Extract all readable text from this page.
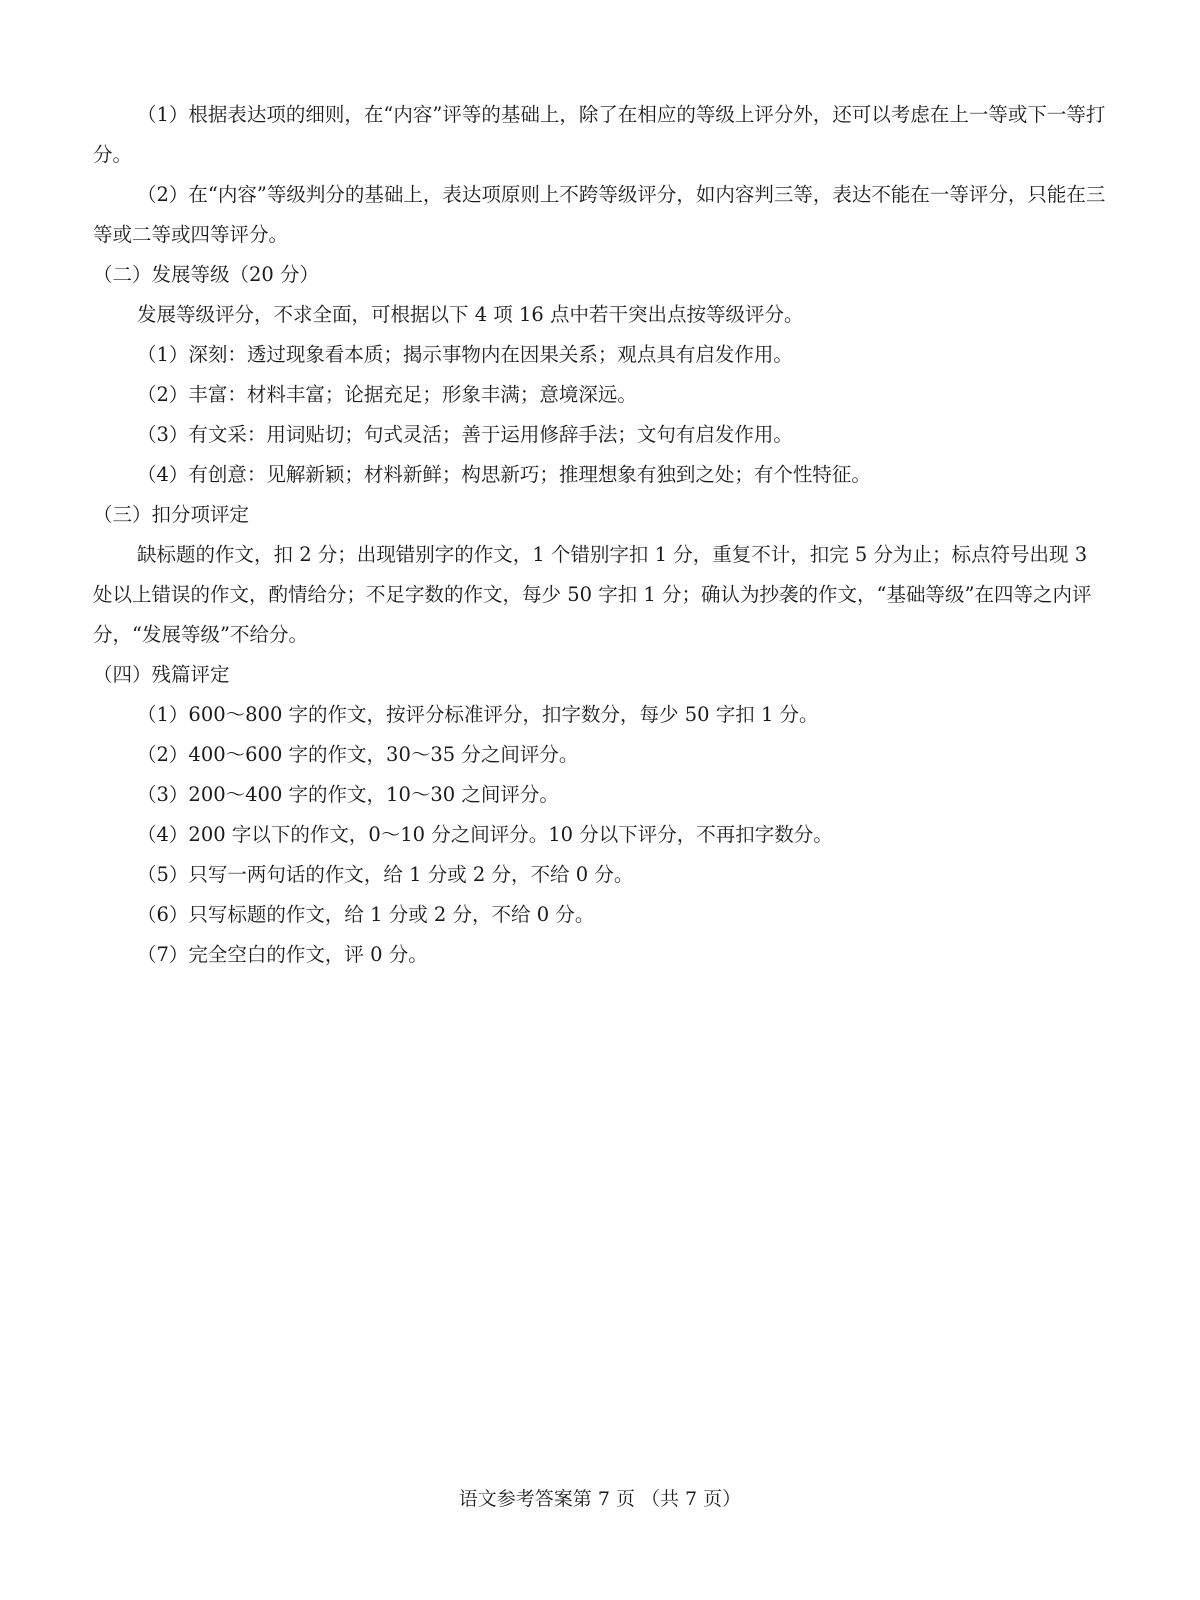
（1）根据表达项的细则，在“内容”评等的基础上，除了在相应的等级上评分外，还可以考虑在上一等或下一等打分。

（2）在“内容”等级判分的基础上，表达项原则上不跨等级评分，如内容判三等，表达不能在一等评分，只能在三等或二等或四等评分。

（二）发展等级（20 分）

发展等级评分，不求全面，可根据以下 4 项 16 点中若干突出点按等级评分。

（1）深刻：透过现象看本质；揭示事物内在因果关系；观点具有启发作用。

（2）丰富：材料丰富；论据充足；形象丰满；意境深远。

（3）有文采：用词贴切；句式灵活；善于运用修辞手法；文句有启发作用。

（4）有创意：见解新颖；材料新鲜；构思新巧；推理想象有独到之处；有个性特征。

（三）扣分项评定

缺标题的作文，扣 2 分；出现错别字的作文，1 个错别字扣 1 分，重复不计，扣完 5 分为止；标点符号出现 3 处以上错误的作文，酌情给分；不足字数的作文，每少 50 字扣 1 分；确认为抄袭的作文，“基础等级”在四等之内评分，“发展等级”不给分。

（四）残篇评定

（1）600～800 字的作文，按评分标准评分，扣字数分，每少 50 字扣 1 分。

（2）400～600 字的作文，30～35 分之间评分。

（3）200～400 字的作文，10～30 之间评分。

（4）200 字以下的作文，0～10 分之间评分。10 分以下评分，不再扣字数分。

（5）只写一两句话的作文，给 1 分或 2 分，不给 0 分。

（6）只写标题的作文，给 1 分或 2 分，不给 0 分。

（7）完全空白的作文，评 0 分。

语文参考答案第 7 页 （共 7 页）
